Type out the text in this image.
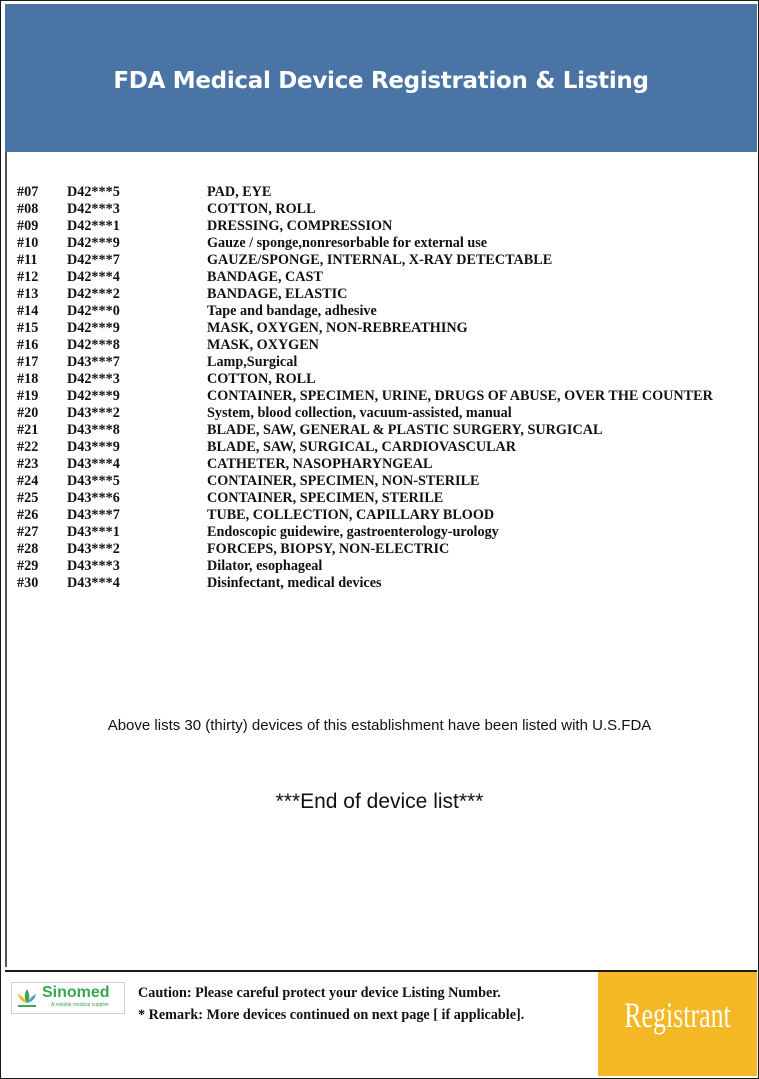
FDA Medical Device Registration & Listing
#07	D42***5	PAD, EYE
#08	D42***3	COTTON, ROLL
#09	D42***1	DRESSING, COMPRESSION
#10	D42***9	Gauze / sponge,nonresorbable for external use
#11	D42***7	GAUZE/SPONGE, INTERNAL, X-RAY DETECTABLE
#12	D42***4	BANDAGE, CAST
#13	D42***2	BANDAGE, ELASTIC
#14	D42***0	Tape and bandage, adhesive
#15	D42***9	MASK, OXYGEN, NON-REBREATHING
#16	D42***8	MASK, OXYGEN
#17	D43***7	Lamp,Surgical
#18	D42***3	COTTON, ROLL
#19	D42***9	CONTAINER, SPECIMEN, URINE, DRUGS OF ABUSE, OVER THE COUNTER
#20	D43***2	System, blood collection, vacuum-assisted, manual
#21	D43***8	BLADE, SAW, GENERAL & PLASTIC SURGERY, SURGICAL
#22	D43***9	BLADE, SAW, SURGICAL, CARDIOVASCULAR
#23	D43***4	CATHETER, NASOPHARYNGEAL
#24	D43***5	CONTAINER, SPECIMEN, NON-STERILE
#25	D43***6	CONTAINER, SPECIMEN, STERILE
#26	D43***7	TUBE, COLLECTION, CAPILLARY BLOOD
#27	D43***1	Endoscopic guidewire, gastroenterology-urology
#28	D43***2	FORCEPS, BIOPSY, NON-ELECTRIC
#29	D43***3	Dilator, esophageal
#30	D43***4	Disinfectant, medical devices
Above lists 30 (thirty) devices of this establishment have been listed with U.S.FDA
***End of device list***
Sinomed
A reliable medical supplier
Caution: Please careful protect your device Listing Number.
* Remark: More devices continued on next page [ if applicable].	Registrant
